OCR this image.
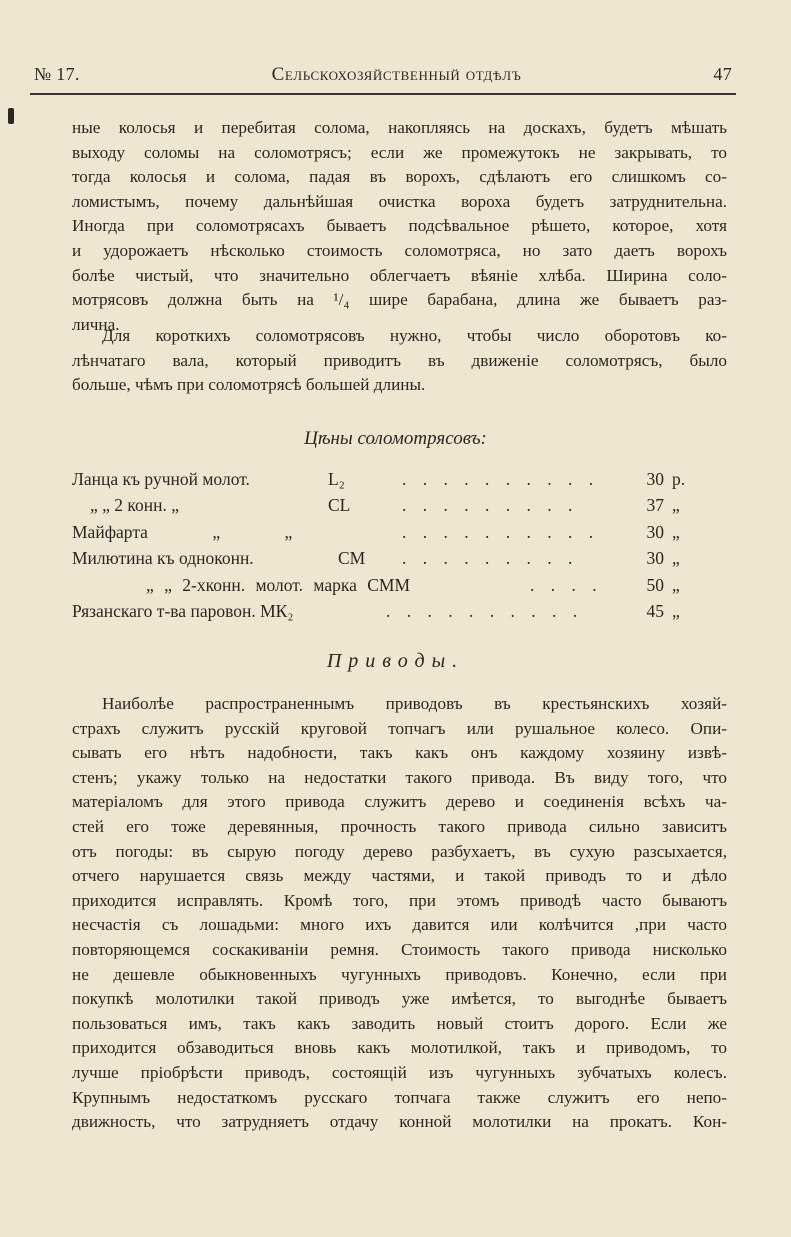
№ 17.	Сельскохозяйственный отдѣлъ	47

ные колосья и перебитая солома, накопляясь на доскахъ, будетъ мѣшать
выходу соломы на соломотрясъ; если же промежутокъ не закрывать, то
тогда колосья и солома, падая въ ворохъ, сдѣлаютъ его слишкомъ со-
ломистымъ, почему дальнѣйшая очистка вороха будетъ затруднительна.
Иногда при соломотрясахъ бываетъ подсѣвальное рѣшето, которое, хотя
и удорожаетъ нѣсколько стоимость соломотряса, но зато даетъ ворохъ
болѣе чистый, что значительно облегчаетъ вѣяніе хлѣба. Ширина соло-
мотрясовъ должна быть на ¹/₄ шире барабана, длина же бываетъ раз-
лична.

Для короткихъ соломотрясовъ нужно, чтобы число оборотовъ ко-
лѣнчатаго вала, который приводитъ въ движеніе соломотрясъ, было
больше, чѣмъ при соломотрясѣ большей длины.

Цѣны соломотрясовъ:
Ланца къ ручной молот.	L₂	. . . . . . . . . .	30 р.
„ „ 2 конн. „	CL	. . . . . . . . .	37 „
Майфарта „ „	. . . . . . . . . .	30 „
Милютина къ одноконн.	CM . . . . . . . . .	30 „
„ „ 2-хконн. молот. марка СММ	. . . .	50 „
Рязанскаго т-ва паровон. МК₂	. . . . . . . . . .	45 „
Приводы.

Наиболѣе распространеннымъ приводовъ въ крестьянскихъ хозяй-
страхъ служитъ русскій круговой топчагъ или рушальное колесо. Опи-
сывать его нѣтъ надобности, такъ какъ онъ каждому хозяину извѣ-
стенъ; укажу только на недостатки такого привода. Въ виду того, что
матеріаломъ для этого привода служитъ дерево и соединенія всѣхъ ча-
стей его тоже деревянныя, прочность такого привода сильно зависитъ
отъ погоды: въ сырую погоду дерево разбухаетъ, въ сухую разсыхается,
отчего нарушается связь между частями, и такой приводъ то и дѣло
приходится исправлять. Кромѣ того, при этомъ приводѣ часто бываютъ
несчастія съ лошадьми: много ихъ давится или колѣчится ,при часто
повторяющемся соскакиваніи ремня. Стоимость такого привода нисколько
не дешевле обыкновенныхъ чугунныхъ приводовъ. Конечно, если при
покупкѣ молотилки такой приводъ уже имѣется, то выгоднѣе бываетъ
пользоваться имъ, такъ какъ заводить новый стоитъ дорого. Если же
приходится обзаводиться вновь какъ молотилкой, такъ и приводомъ, то
лучше пріобрѣсти приводъ, состоящій изъ чугунныхъ зубчатыхъ колесъ.
Крупнымъ недостаткомъ русскаго топчага также служитъ его непо-
движность, что затрудняетъ отдачу конной молотилки на прокатъ. Кон-
